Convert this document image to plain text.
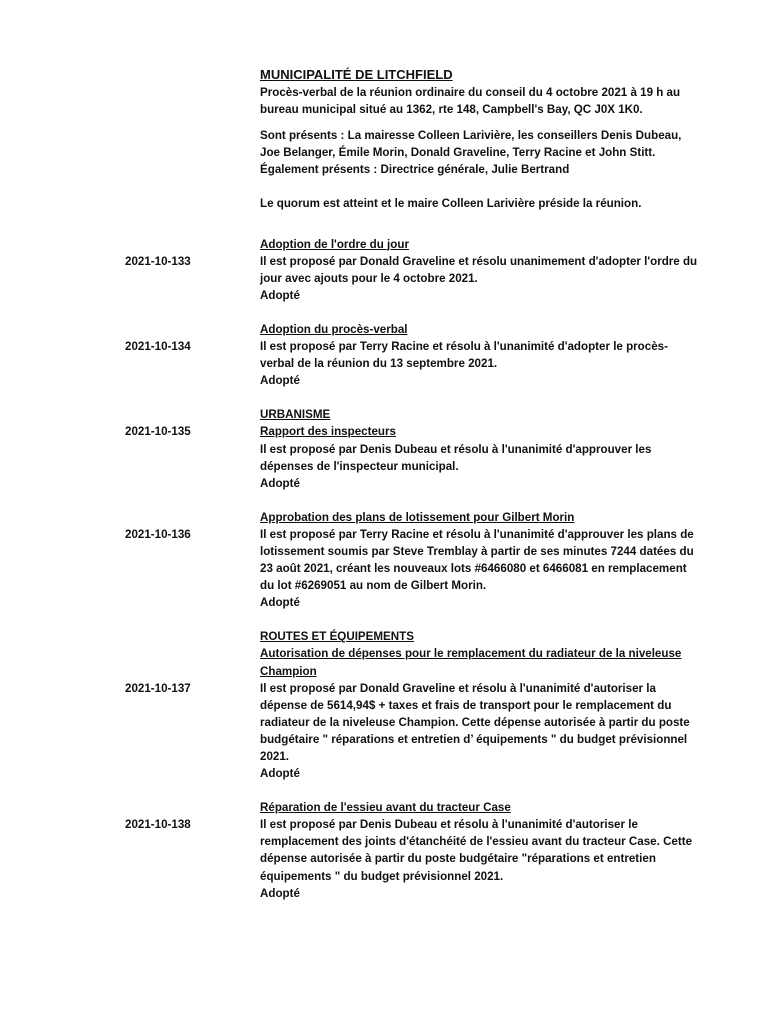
MUNICIPALITÉ DE LITCHFIELD

Procès-verbal de la réunion ordinaire du conseil du 4 octobre 2021 à 19 h au bureau municipal situé au 1362, rte 148, Campbell's Bay, QC J0X 1K0.

Sont présents : La mairesse Colleen Larivière, les conseillers Denis Dubeau, Joe Belanger, Émile Morin, Donald Graveline, Terry Racine et John Stitt.

Également présents : Directrice générale, Julie Bertrand

Le quorum est atteint et le maire Colleen Larivière préside la réunion.

Adoption de l'ordre du jour

2021-10-133	Il est proposé par Donald Graveline et résolu unanimement d'adopter l'ordre du jour avec ajouts pour le 4 octobre 2021.

Adopté

Adoption du procès-verbal

2021-10-134	Il est proposé par Terry Racine et résolu à l'unanimité d'adopter le procès-verbal de la réunion du 13 septembre 2021.

Adopté

URBANISME

2021-10-135	Rapport des inspecteurs

Il est proposé par Denis Dubeau et résolu à l'unanimité d'approuver les dépenses de l'inspecteur municipal.

Adopté

Approbation des plans de lotissement pour Gilbert Morin

2021-10-136	Il est proposé par Terry Racine et résolu à l'unanimité d'approuver les plans de lotissement soumis par Steve Tremblay à partir de ses minutes 7244 datées du 23 août 2021, créant les nouveaux lots #6466080 et 6466081 en remplacement du lot #6269051 au nom de Gilbert Morin.

Adopté

ROUTES ET ÉQUIPEMENTS

Autorisation de dépenses pour le remplacement du radiateur de la niveleuse Champion

2021-10-137	Il est proposé par Donald Graveline et résolu à l'unanimité d'autoriser la dépense de 5614,94$ + taxes et frais de transport pour le remplacement du radiateur de la niveleuse Champion. Cette dépense autorisée à partir du poste budgétaire " réparations et entretien d’ équipements " du budget prévisionnel 2021.

Adopté

Réparation de l'essieu avant du tracteur Case

2021-10-138	Il est proposé par Denis Dubeau et résolu à l'unanimité d'autoriser le remplacement des joints d'étanchéité de l'essieu avant du tracteur Case. Cette dépense autorisée à partir du poste budgétaire "réparations et entretien équipements " du budget prévisionnel 2021.

Adopté
